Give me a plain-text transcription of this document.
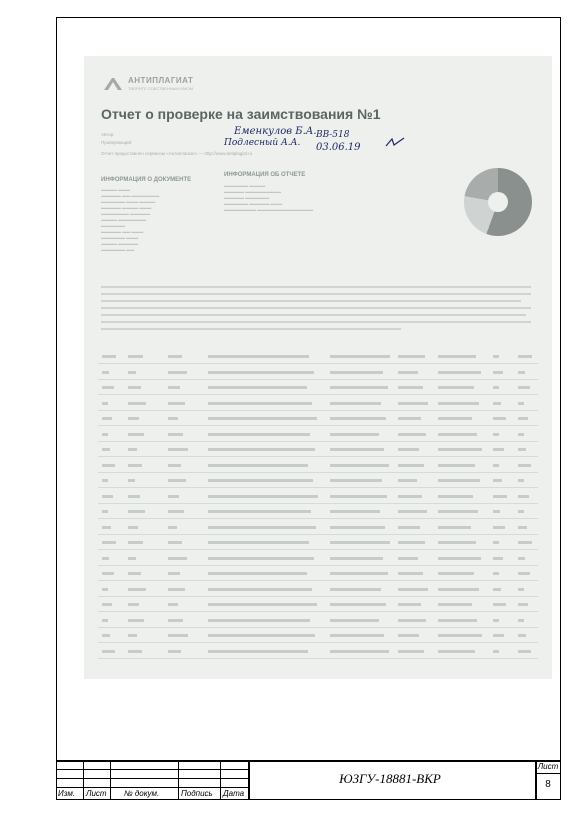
АНТИПЛАГИАТ
ТВОРИТЕ СОБСТВЕННЫМ УМОМ
Отчет о проверке на заимствования №1
Автор:
Проверяющий:
Отчет предоставлен сервисом «Антиплагиат» — http://www.antiplagiat.ru
Еменкулов Б.А. ВВ-518
Подлесный А.А. 03.06.19
ИНФОРМАЦИЯ О ДОКУМЕНТЕ
ИНФОРМАЦИЯ ОБ ОТЧЕТЕ
▬▬▬▬ ▬▬▬
▬▬▬▬▬ ▬▬ ▬▬▬▬▬▬▬
▬▬▬▬▬▬ ▬▬▬ ▬▬▬▬
▬▬▬▬▬ ▬▬▬▬ ▬▬▬
▬▬▬▬▬▬▬ ▬▬▬▬▬
▬▬▬▬ ▬▬▬▬▬▬▬
▬▬▬▬▬▬
▬▬▬▬▬ ▬▬ ▬▬▬
▬▬▬▬▬▬ ▬▬▬
▬▬▬▬ ▬▬▬▬▬
▬▬▬▬▬▬ ▬▬
▬▬▬▬▬▬ ▬▬▬▬
▬▬▬▬▬ ▬▬▬▬▬▬▬▬▬
▬▬▬▬▬ ▬▬▬▬▬▬
▬▬▬▬▬▬ ▬▬▬▬▬ ▬▬▬
▬▬▬▬▬▬▬▬ ▬▬▬▬▬▬▬▬▬▬▬▬▬▬
Изм. Лист № докум.	Подпись Дата
ЮЗГУ-18881-ВКР
Лист
8
